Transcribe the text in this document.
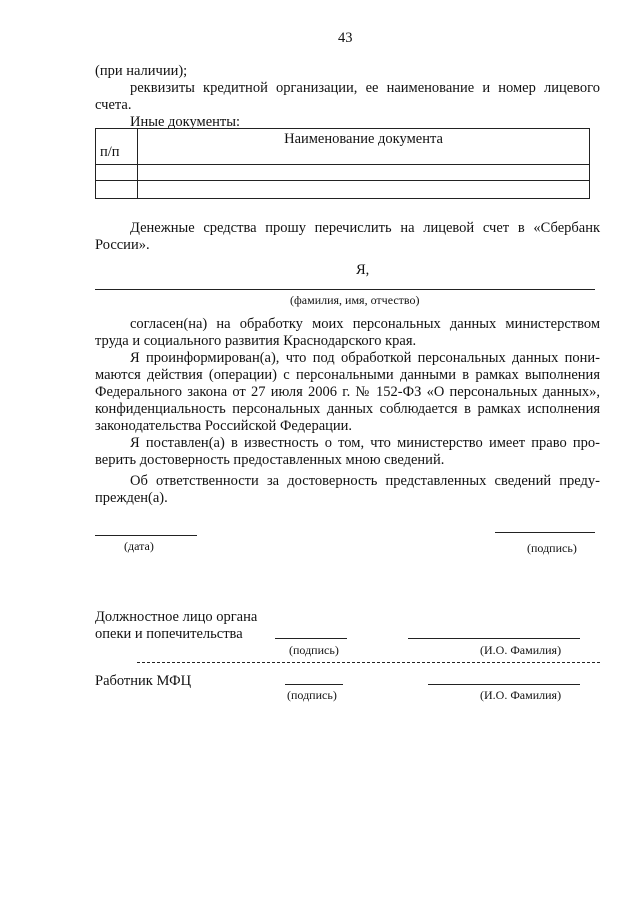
43
(при наличии);
реквизиты кредитной организации, ее наименование и номер лицевого
счета.
Иные документы:
п/п	Наименование документа

Денежные средства прошу перечислить на лицевой счет в «Сбербанк
России».
Я,
(фамилия, имя, отчество)
согласен(на) на обработку моих персональных данных министерством
труда и социального развития Краснодарского края.
Я проинформирован(а), что под обработкой персональных данных пони-
маются действия (операции) с персональными данными в рамках выполнения
Федерального закона от 27 июля 2006 г. № 152-ФЗ «О персональных данных»,
конфиденциальность персональных данных соблюдается в рамках исполнения
законодательства Российской Федерации.
Я поставлен(а) в известность о том, что министерство имеет право про-
верить достоверность предоставленных мною сведений.
Об ответственности за достоверность представленных сведений преду-
прежден(а).
(дата)	(подпись)
Должностное лицо органа
опеки и попечительства
(подпись)	(И.О. Фамилия)
Работник МФЦ
(подпись)	(И.О. Фамилия)
